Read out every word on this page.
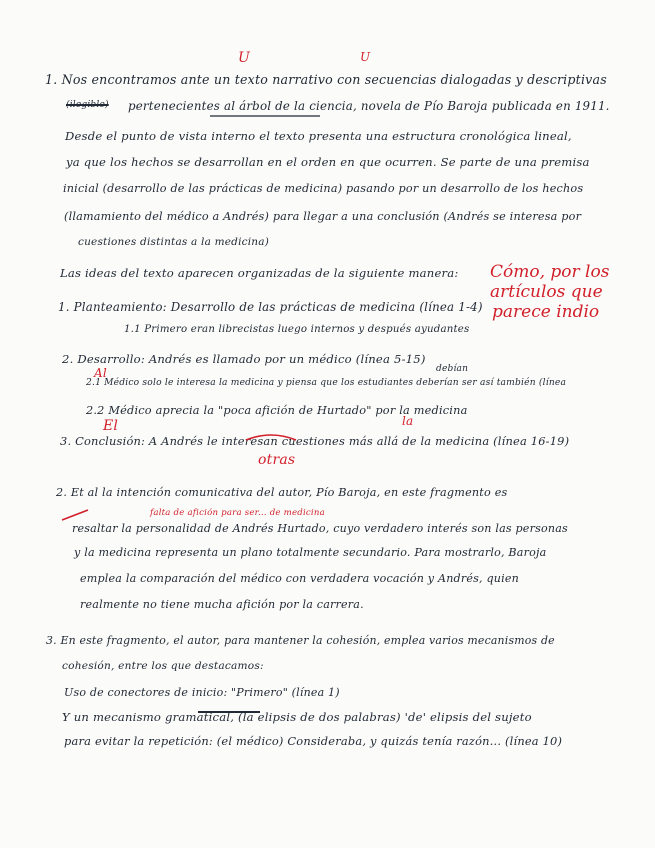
U	U
1. Nos encontramos ante un texto narrativo con secuencias dialogadas y descriptivas
(ilegible) pertenecientes al árbol de la ciencia, novela de Pío Baroja publicada en 1911.
Desde el punto de vista interno el texto presenta una estructura cronológica lineal,
ya que los hechos se desarrollan en el orden en que ocurren. Se parte de una premisa
inicial (desarrollo de las prácticas de medicina) pasando por un desarrollo de los hechos
(llamamiento del médico a Andrés) para llegar a una conclusión (Andrés se interesa por
cuestiones distintas a la medicina)
Cómo, por los
artículos que
parece indio
Las ideas del texto aparecen organizadas de la siguiente manera:
1. Planteamiento: Desarrollo de las prácticas de medicina (línea 1-4)
1.1 Primero eran librecistas luego internos y después ayudantes
2. Desarrollo: Andrés es llamado por un médico (línea 5-15)
Al	debían
2.1 Médico solo le interesa la medicina y piensa que los estudiantes deberían ser así también (línea
El
2.2 Médico aprecia la "poca afición de Hurtado" por la medicina
la
3. Conclusión: A Andrés le interesan cuestiones más allá de la medicina (línea 16-19)
otras
2. Et al la intención comunicativa del autor, Pío Baroja, en este fragmento es
falta de afición para ser... de medicina
resaltar la personalidad de Andrés Hurtado, cuyo verdadero interés son las personas
y la medicina representa un plano totalmente secundario. Para mostrarlo, Baroja
emplea la comparación del médico con verdadera vocación y Andrés, quien
realmente no tiene mucha afición por la carrera.
3. En este fragmento, el autor, para mantener la cohesión, emplea varios mecanismos de
cohesión, entre los que destacamos:
Uso de conectores de inicio: "Primero" (línea 1)
Y un mecanismo gramatical, (la elipsis de dos palabras) 'de' elipsis del sujeto
para evitar la repetición: (el médico) Consideraba, y quizás tenía razón... (línea 10)
